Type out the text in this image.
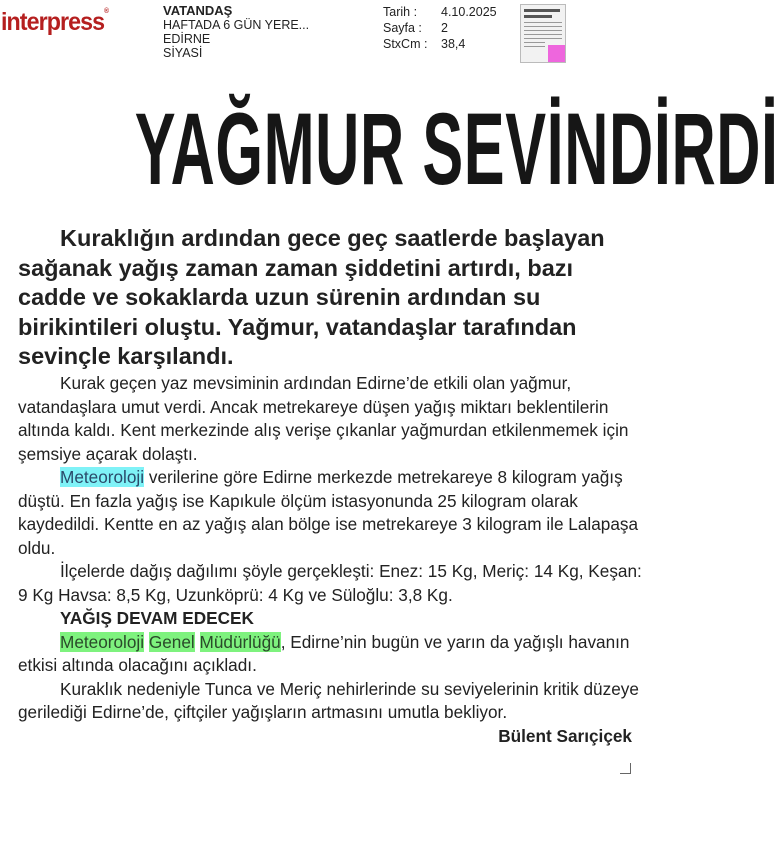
interpress®	VATANDAŞ
HAFTADA 6 GÜN YERE...
EDİRNE
SİYASİ
Tarih :	4.10.2025
Sayfa :	2
StxCm :	38,4
YAĞMUR SEVİNDİRDİ
Kuraklığın ardından gece geç saatlerde başlayan sağanak yağış zaman zaman şiddetini artırdı, bazı cadde ve sokaklarda uzun sürenin ardından su birikintileri oluştu. Yağmur, vatandaşlar tarafından sevinçle karşılandı.

Kurak geçen yaz mevsiminin ardından Edirne’de etkili olan yağmur, vatandaşlara umut verdi. Ancak metrekareye düşen yağış miktarı beklentilerin altında kaldı. Kent merkezinde alış verişe çıkanlar yağmurdan etkilenmemek için şemsiye açarak dolaştı.

Meteoroloji verilerine göre Edirne merkezde metrekareye 8 kilogram yağış düştü. En fazla yağış ise Kapıkule ölçüm istasyonunda 25 kilogram olarak kaydedildi. Kentte en az yağış alan bölge ise metrekareye 3 kilogram ile Lalapaşa oldu.

İlçelerde dağış dağılımı şöyle gerçekleşti: Enez: 15 Kg, Meriç: 14 Kg, Keşan: 9 Kg Havsa: 8,5 Kg, Uzunköprü: 4 Kg ve Süloğlu: 3,8 Kg.

YAĞIŞ DEVAM EDECEK

Meteoroloji Genel Müdürlüğü, Edirne’nin bugün ve yarın da yağışlı havanın etkisi altında olacağını açıkladı.

Kuraklık nedeniyle Tunca ve Meriç nehirlerinde su seviyelerinin kritik düzeye gerilediği Edirne’de, çiftçiler yağışların artmasını umutla bekliyor.

Bülent Sarıçiçek
